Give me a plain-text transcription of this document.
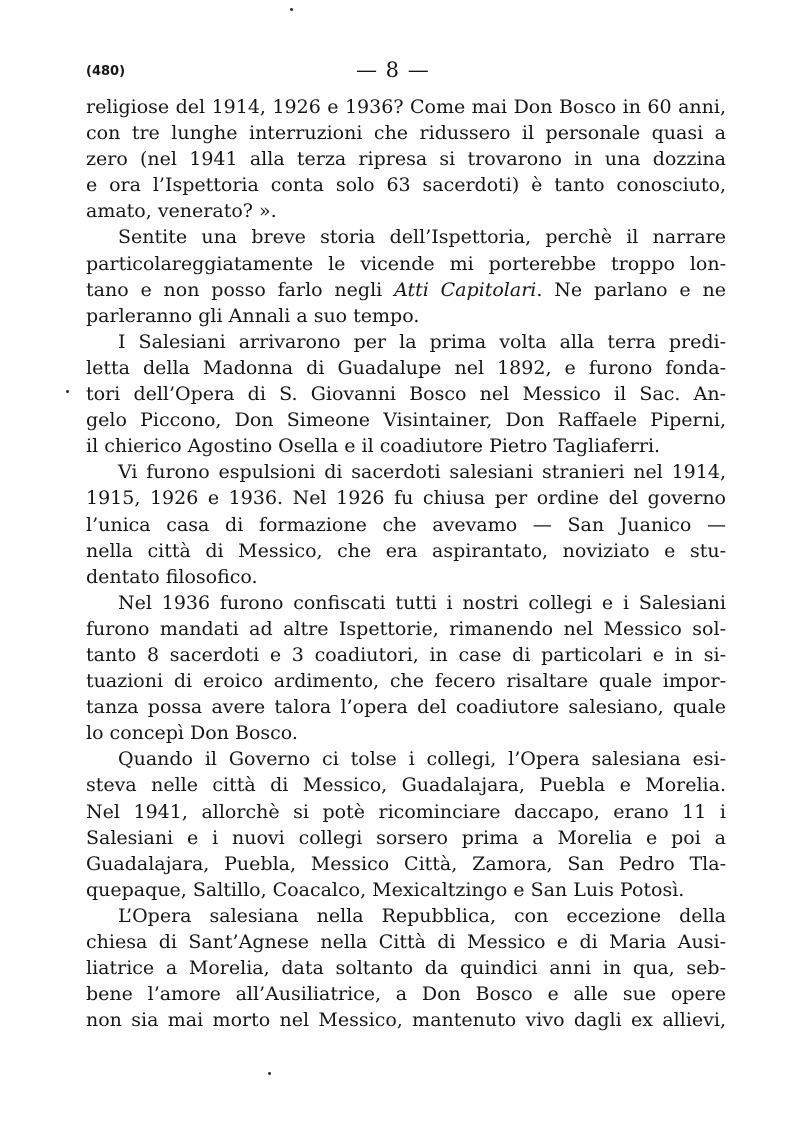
(480)	— 8 —
religiose del 1914, 1926 e 1936? Come mai Don Bosco in 60 anni,
con tre lunghe interruzioni che ridussero il personale quasi a
zero (nel 1941 alla terza ripresa si trovarono in una dozzina
e ora l’Ispettoria conta solo 63 sacerdoti) è tanto conosciuto,
amato, venerato? ».
Sentite una breve storia dell’Ispettoria, perchè il narrare
particolareggiatamente le vicende mi porterebbe troppo lon-
tano e non posso farlo negli Atti Capitolari. Ne parlano e ne
parleranno gli Annali a suo tempo.
I Salesiani arrivarono per la prima volta alla terra predi-
letta della Madonna di Guadalupe nel 1892, e furono fonda-
tori dell’Opera di S. Giovanni Bosco nel Messico il Sac. An-
gelo Piccono, Don Simeone Visintainer, Don Raffaele Piperni,
il chierico Agostino Osella e il coadiutore Pietro Tagliaferri.
Vi furono espulsioni di sacerdoti salesiani stranieri nel 1914,
1915, 1926 e 1936. Nel 1926 fu chiusa per ordine del governo
l’unica casa di formazione che avevamo — San Juanico —
nella città di Messico, che era aspirantato, noviziato e stu-
dentato filosofico.
Nel 1936 furono confiscati tutti i nostri collegi e i Salesiani
furono mandati ad altre Ispettorie, rimanendo nel Messico sol-
tanto 8 sacerdoti e 3 coadiutori, in case di particolari e in si-
tuazioni di eroico ardimento, che fecero risaltare quale impor-
tanza possa avere talora l’opera del coadiutore salesiano, quale
lo concepì Don Bosco.
Quando il Governo ci tolse i collegi, l’Opera salesiana esi-
steva nelle città di Messico, Guadalajara, Puebla e Morelia.
Nel 1941, allorchè si potè ricominciare daccapo, erano 11 i
Salesiani e i nuovi collegi sorsero prima a Morelia e poi a
Guadalajara, Puebla, Messico Città, Zamora, San Pedro Tla-
quepaque, Saltillo, Coacalco, Mexicaltzingo e San Luis Potosì.
L’Opera salesiana nella Repubblica, con eccezione della
chiesa di Sant’Agnese nella Città di Messico e di Maria Ausi-
liatrice a Morelia, data soltanto da quindici anni in qua, seb-
bene l’amore all’Ausiliatrice, a Don Bosco e alle sue opere
non sia mai morto nel Messico, mantenuto vivo dagli ex allievi,
